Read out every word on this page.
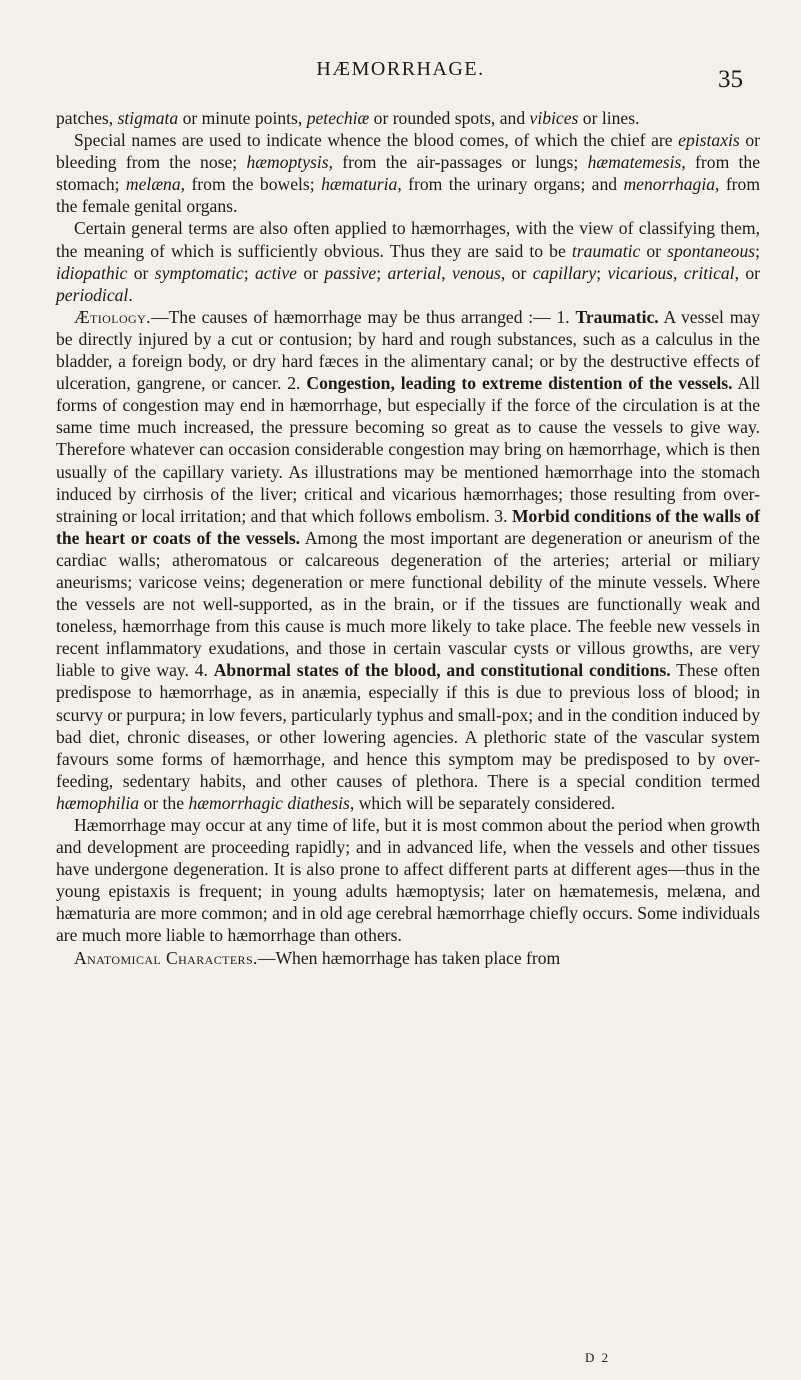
HÆMORRHAGE.	35

patches, stigmata or minute points, petechiæ or rounded spots, and vibices or lines.

Special names are used to indicate whence the blood comes, of which the chief are epistaxis or bleeding from the nose; hæmoptysis, from the air-passages or lungs; hæmatemesis, from the stomach; melæna, from the bowels; hæmaturia, from the urinary organs; and menorrhagia, from the female genital organs.

Certain general terms are also often applied to hæmorrhages, with the view of classifying them, the meaning of which is sufficiently obvious. Thus they are said to be traumatic or spontaneous; idiopathic or symptomatic; active or passive; arterial, venous, or capillary; vicarious, critical, or periodical.

Ætiology.—The causes of hæmorrhage may be thus arranged :— 1. Traumatic. A vessel may be directly injured by a cut or contusion; by hard and rough substances, such as a calculus in the bladder, a foreign body, or dry hard fæces in the alimentary canal; or by the destructive effects of ulceration, gangrene, or cancer. 2. Congestion, leading to extreme distention of the vessels. All forms of congestion may end in hæmorrhage, but especially if the force of the circulation is at the same time much increased, the pressure becoming so great as to cause the vessels to give way. Therefore whatever can occasion considerable congestion may bring on hæmorrhage, which is then usually of the capillary variety. As illustrations may be mentioned hæmorrhage into the stomach induced by cirrhosis of the liver; critical and vicarious hæmorrhages; those resulting from over-straining or local irritation; and that which follows embolism. 3. Morbid conditions of the walls of the heart or coats of the vessels. Among the most important are degeneration or aneurism of the cardiac walls; atheromatous or calcareous degeneration of the arteries; arterial or miliary aneurisms; varicose veins; degeneration or mere functional debility of the minute vessels. Where the vessels are not well-supported, as in the brain, or if the tissues are functionally weak and toneless, hæmorrhage from this cause is much more likely to take place. The feeble new vessels in recent inflammatory exudations, and those in certain vascular cysts or villous growths, are very liable to give way. 4. Abnormal states of the blood, and constitutional conditions. These often predispose to hæmorrhage, as in anæmia, especially if this is due to previous loss of blood; in scurvy or purpura; in low fevers, particularly typhus and small-pox; and in the condition induced by bad diet, chronic diseases, or other lowering agencies. A plethoric state of the vascular system favours some forms of hæmorrhage, and hence this symptom may be predisposed to by over-feeding, sedentary habits, and other causes of plethora. There is a special condition termed hæmophilia or the hæmorrhagic diathesis, which will be separately considered.

Hæmorrhage may occur at any time of life, but it is most common about the period when growth and development are proceeding rapidly; and in advanced life, when the vessels and other tissues have undergone degeneration. It is also prone to affect different parts at different ages—thus in the young epistaxis is frequent; in young adults hæmoptysis; later on hæmatemesis, melæna, and hæmaturia are more common; and in old age cerebral hæmorrhage chiefly occurs. Some individuals are much more liable to hæmorrhage than others.

Anatomical Characters.—When hæmorrhage has taken place from

D 2
